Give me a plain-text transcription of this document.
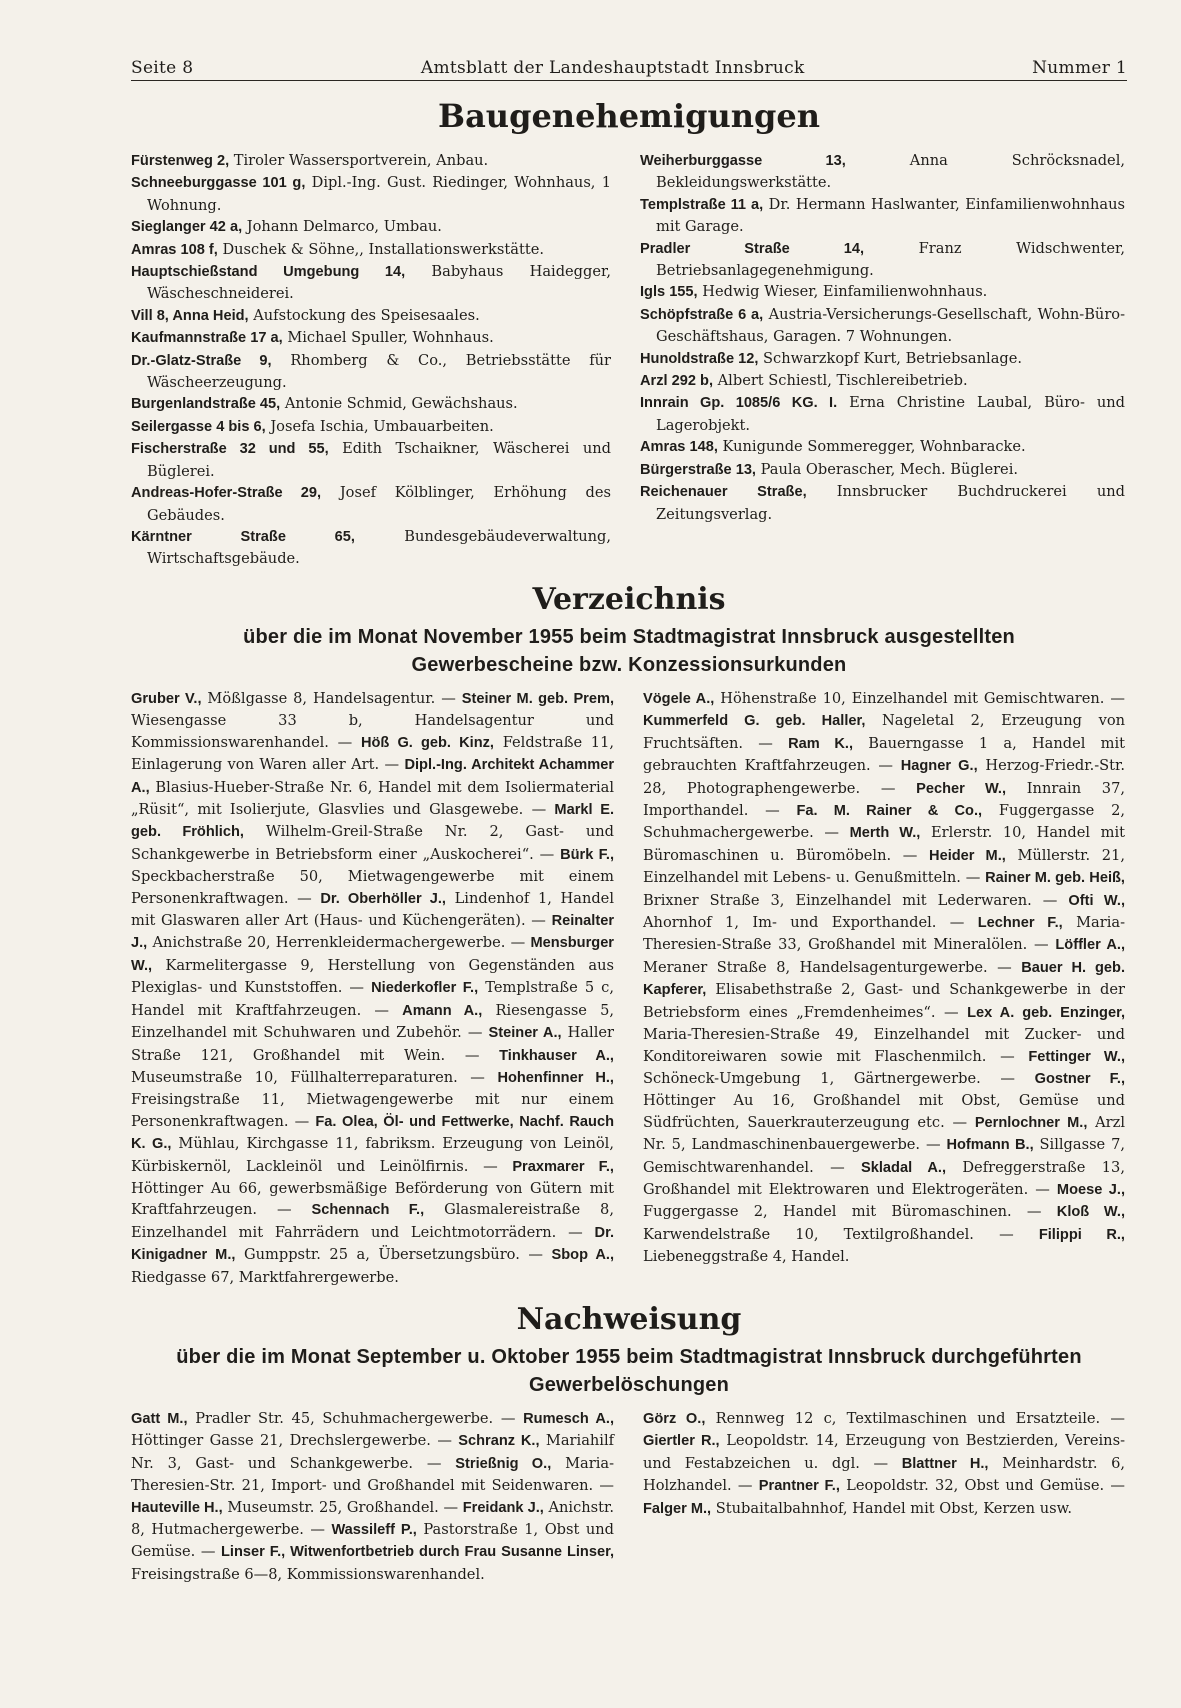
Seite 8	Amtsblatt der Landeshauptstadt Innsbruck	Nummer 1
Baugenehemigungen

Fürstenweg 2, Tiroler Wassersportverein, Anbau.

Schneeburggasse 101 g, Dipl.-Ing. Gust. Riedinger, Wohnhaus, 1 Wohnung.

Sieglanger 42 a, Johann Delmarco, Umbau.

Amras 108 f, Duschek & Söhne,, Installationswerkstätte.

Hauptschießstand Umgebung 14, Babyhaus Haidegger, Wäscheschneiderei.

Vill 8, Anna Heid, Aufstockung des Speisesaales.

Kaufmannstraße 17 a, Michael Spuller, Wohnhaus.

Dr.-Glatz-Straße 9, Rhomberg & Co., Betriebsstätte für Wäscheerzeugung.

Burgenlandstraße 45, Antonie Schmid, Gewächshaus.

Seilergasse 4 bis 6, Josefa Ischia, Umbauarbeiten.

Fischerstraße 32 und 55, Edith Tschaikner, Wäscherei und Büglerei.

Andreas-Hofer-Straße 29, Josef Kölblinger, Erhöhung des Gebäudes.

Kärntner Straße 65,	Bundesgebäudeverwaltung, Wirtschaftsgebäude.

Weiherburggasse 13,	Anna Schröcksnadel, Bekleidungswerkstätte.

Templstraße 11 a, Dr. Hermann Haslwanter, Einfamilienwohnhaus mit Garage.

Pradler Straße 14,	Franz Widschwenter, Betriebsanlagegenehmigung.

Igls 155, Hedwig Wieser, Einfamilienwohnhaus.

Schöpfstraße 6 a, Austria-Versicherungs-Gesellschaft, Wohn-Büro-Geschäftshaus, Garagen. 7 Wohnungen.

Hunoldstraße 12, Schwarzkopf Kurt, Betriebsanlage.

Arzl 292 b, Albert Schiestl, Tischlereibetrieb.

Innrain Gp. 1085/6 KG. I. Erna Christine Laubal, Büro- und Lagerobjekt.

Amras 148, Kunigunde Sommeregger, Wohnbaracke.

Bürgerstraße 13, Paula Oberascher, Mech. Büglerei.

Reichenauer Straße, Innsbrucker Buchdruckerei und Zeitungsverlag.

Verzeichnis
über die im Monat November 1955 beim Stadtmagistrat Innsbruck ausgestellten
Gewerbescheine bzw. Konzessionsurkunden

Gruber V., Mößlgasse 8, Handelsagentur. — Steiner M. geb. Prem, Wiesengasse 33 b, Handelsagentur und Kommissionswarenhandel. — Höß G. geb. Kinz, Feldstraße 11, Einlagerung von Waren aller Art. — Dipl.-Ing. Architekt Achammer A., Blasius-Hueber-Straße Nr. 6, Handel mit dem Isoliermaterial „Rüsit“, mit Isolierjute, Glasvlies und Glasgewebe. — Markl E. geb. Fröhlich, Wilhelm-Greil-Straße Nr. 2, Gast- und Schankgewerbe in Betriebsform einer „Auskocherei“. — Bürk F., Speckbacherstraße 50, Mietwagengewerbe mit einem Personenkraftwagen. — Dr. Oberhöller J., Lindenhof 1, Handel mit Glaswaren aller Art (Haus- und Küchengeräten). — Reinalter J., Anichstraße 20, Herrenkleidermachergewerbe. — Mensburger W., Karmelitergasse 9, Herstellung von Gegenständen aus Plexiglas- und Kunststoffen. — Niederkofler F., Templstraße 5 c, Handel mit Kraftfahrzeugen. — Amann A., Riesengasse 5, Einzelhandel mit Schuhwaren und Zubehör. — Steiner A., Haller Straße 121, Großhandel mit Wein. — Tinkhauser A., Museumstraße 10, Füllhalterreparaturen. — Hohenfinner H., Freisingstraße 11, Mietwagengewerbe mit nur einem Personenkraftwagen. — Fa. Olea, Öl- und Fettwerke, Nachf. Rauch K. G., Mühlau, Kirchgasse 11, fabriksm. Erzeugung von Leinöl, Kürbiskernöl, Lackleinöl und Leinölfirnis. — Praxmarer F., Höttinger Au 66, gewerbsmäßige Beförderung von Gütern mit Kraftfahrzeugen. — Schennach F., Glasmalereistraße 8, Einzelhandel mit Fahrrädern und Leichtmotorrädern. — Dr. Kinigadner M., Gumppstr. 25 a, Übersetzungsbüro. — Sbop A., Riedgasse 67, Marktfahrergewerbe.

Vögele A., Höhenstraße 10, Einzelhandel mit Gemischtwaren. — Kummerfeld G. geb. Haller, Nageletal 2, Erzeugung von Fruchtsäften. — Ram K., Bauerngasse 1 a, Handel mit gebrauchten Kraftfahrzeugen. — Hagner G., Herzog-Friedr.-Str. 28, Photographengewerbe. — Pecher W., Innrain 37, Importhandel. — Fa. M. Rainer & Co., Fuggergasse 2, Schuhmachergewerbe. — Merth W., Erlerstr. 10, Handel mit Büromaschinen u. Büromöbeln. — Heider M., Müllerstr. 21, Einzelhandel mit Lebens- u. Genußmitteln. — Rainer M. geb. Heiß, Brixner Straße 3, Einzelhandel mit Lederwaren. — Ofti W., Ahornhof 1, Im- und Exporthandel. — Lechner F., Maria-Theresien-Straße 33, Großhandel mit Mineralölen. — Löffler A., Meraner Straße 8, Handelsagenturgewerbe. — Bauer H. geb. Kapferer, Elisabethstraße 2, Gast- und Schankgewerbe in der Betriebsform eines „Fremdenheimes“. — Lex A. geb. Enzinger, Maria-Theresien-Straße 49, Einzelhandel mit Zucker- und Konditoreiwaren sowie mit Flaschenmilch. — Fettinger W., Schöneck-Umgebung 1, Gärtnergewerbe. — Gostner F., Höttinger Au 16, Großhandel mit Obst, Gemüse und Südfrüchten, Sauerkrauterzeugung etc. — Pernlochner M., Arzl Nr. 5, Landmaschinenbauergewerbe. — Hofmann B., Sillgasse 7, Gemischtwarenhandel. — Skladal A., Defreggerstraße 13, Großhandel mit Elektrowaren und Elektrogeräten. — Moese J., Fuggergasse 2, Handel mit Büromaschinen. — Kloß W., Karwendelstraße 10, Textilgroßhandel. — Filippi R., Liebeneggstraße 4, Handel.

Nachweisung
über die im Monat September u. Oktober 1955 beim Stadtmagistrat Innsbruck durchgeführten
Gewerbelöschungen

Gatt M., Pradler Str. 45, Schuhmachergewerbe. — Rumesch A., Höttinger Gasse 21, Drechslergewerbe. — Schranz K., Mariahilf Nr. 3, Gast- und Schankgewerbe. — Strießnig O., Maria-Theresien-Str. 21, Import- und Großhandel mit Seidenwaren. — Hauteville H., Museumstr. 25, Großhandel. — Freidank J., Anichstr. 8, Hutmachergewerbe. — Wassileff P., Pastorstraße 1, Obst und Gemüse. — Linser F., Witwenfortbetrieb durch Frau Susanne Linser, Freisingstraße 6—8, Kommissionswarenhandel.

Görz O., Rennweg 12 c, Textilmaschinen und Ersatzteile. — Giertler R., Leopoldstr. 14, Erzeugung von Bestzierden, Vereins- und Festabzeichen u. dgl. — Blattner H., Meinhardstr. 6, Holzhandel. — Prantner F., Leopoldstr. 32, Obst und Gemüse. — Falger M., Stubaitalbahnhof, Handel mit Obst, Kerzen usw.
